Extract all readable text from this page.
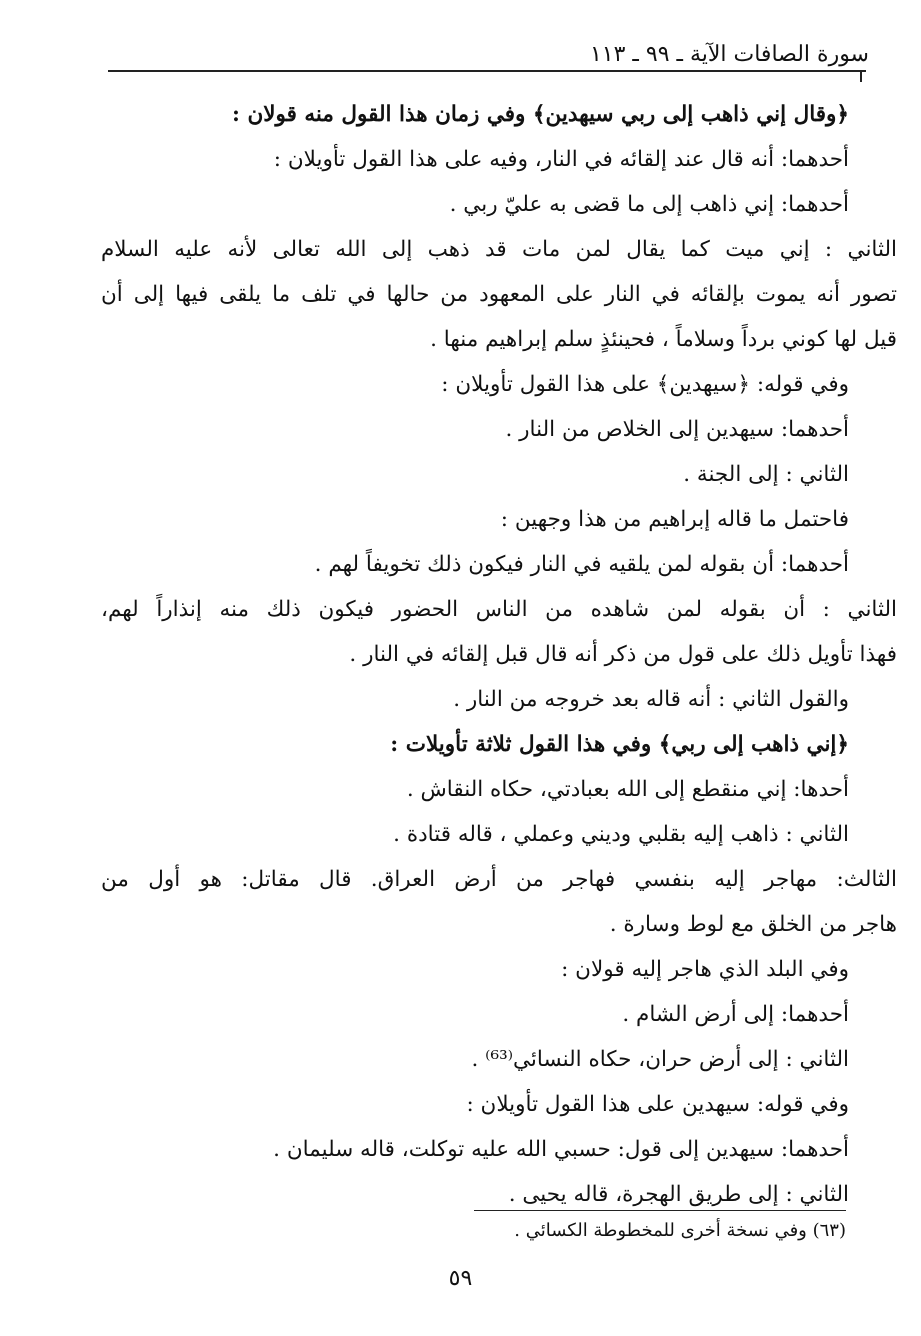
سورة الصافات الآية ـ ٩٩ ـ ١١٣
﴿وقال إني ذاهب إلى ربي سيهدين﴾ وفي زمان هذا القول منه قولان :
أحدهما: أنه قال عند إلقائه في النار، وفيه على هذا القول تأويلان :
أحدهما: إني ذاهب إلى ما قضى به عليّ ربي .
الثاني : إني ميت كما يقال لمن مات قد ذهب إلى الله تعالى لأنه عليه السلام
تصور أنه يموت بإلقائه في النار على المعهود من حالها في تلف ما يلقى فيها إلى أن
قيل لها كوني برداً وسلاماً ، فحينئذٍ سلم إبراهيم منها .
وفي قوله: ﴿سيهدين﴾ على هذا القول تأويلان :
أحدهما: سيهدين إلى الخلاص من النار .
الثاني : إلى الجنة .
فاحتمل ما قاله إبراهيم من هذا وجهين :
أحدهما: أن بقوله لمن يلقيه في النار فيكون ذلك تخويفاً لهم .
الثاني : أن بقوله لمن شاهده من الناس الحضور فيكون ذلك منه إنذاراً لهم،
فهذا تأويل ذلك على قول من ذكر أنه قال قبل إلقائه في النار .
والقول الثاني : أنه قاله بعد خروجه من النار .
﴿إني ذاهب إلى ربي﴾ وفي هذا القول ثلاثة تأويلات :
أحدها: إني منقطع إلى الله بعبادتي، حكاه النقاش .
الثاني : ذاهب إليه بقلبي وديني وعملي ، قاله قتادة .
الثالث: مهاجر إليه بنفسي فهاجر من أرض العراق. قال مقاتل: هو أول من
هاجر من الخلق مع لوط وسارة .
وفي البلد الذي هاجر إليه قولان :
أحدهما: إلى أرض الشام .
الثاني : إلى أرض حران، حكاه النسائي⁽⁶³⁾ .
وفي قوله: سيهدين على هذا القول تأويلان :
أحدهما: سيهدين إلى قول: حسبي الله عليه توكلت، قاله سليمان .
الثاني : إلى طريق الهجرة، قاله يحيى .
(٦٣) وفي نسخة أخرى للمخطوطة الكسائي .
٥٩
